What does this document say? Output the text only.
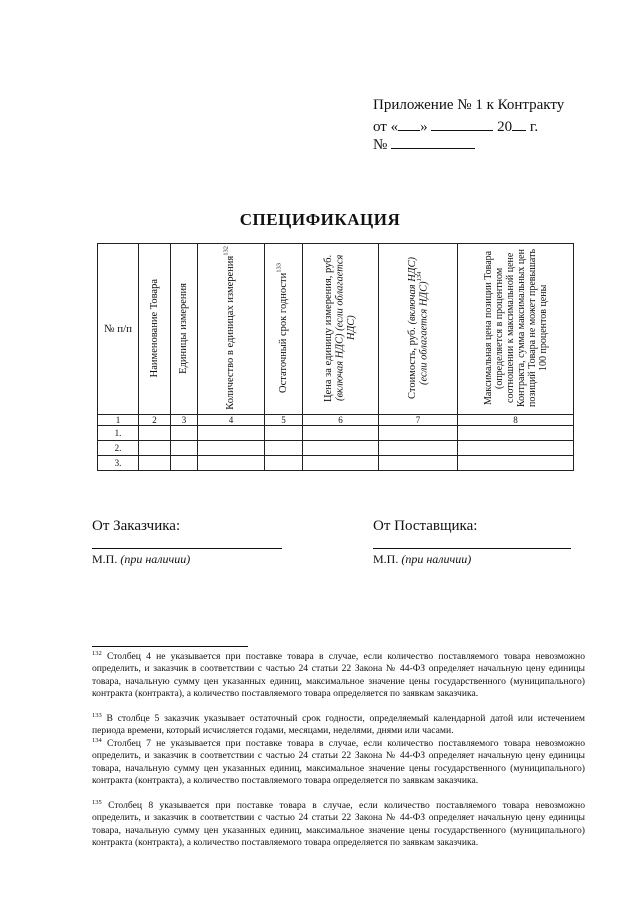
Приложение № 1 к Контракту
от « »	20 г.
№
СПЕЦИФИКАЦИЯ
№ п/п	Наименование Товара	Единицы измерения	Количество в единицах измерения$^{132}$	Остаточный срок годности$^{133}$	Цена за единицу измерения, руб. (включая НДС) (если облагается НДС)	Стоимость, руб. (включая НДС) (если облагается НДС)$^{134}$	Максимальная цена позиции Товара (определяется в процентном соотношении к максимальной цене Контракта, сумма максимальных цен позиций Товара не может превышать 100 процентов цены
1	2	3	4	5	6	7	8
1.							
2.							
3.							
От Заказчика:	От Поставщика:
М.П. (при наличии)	М.П. (при наличии)
$^{132}$ Столбец 4 не указывается при поставке товара в случае, если количество поставляемого товара невозможно определить, и заказчик в соответствии с частью 24 статьи 22 Закона № 44-ФЗ определяет начальную цену единицы товара, начальную сумму цен указанных единиц, максимальное значение цены государственного (муниципального) контракта (контракта), а количество поставляемого товара определяется по заявкам заказчика.
$^{133}$ В столбце 5 заказчик указывает остаточный срок годности, определяемый календарной датой или истечением периода времени, который исчисляется годами, месяцами, неделями, днями или часами.
$^{134}$ Столбец 7 не указывается при поставке товара в случае, если количество поставляемого товара невозможно определить, и заказчик в соответствии с частью 24 статьи 22 Закона № 44-ФЗ определяет начальную цену единицы товара, начальную сумму цен указанных единиц, максимальное значение цены государственного (муниципального) контракта (контракта), а количество поставляемого товара определяется по заявкам заказчика.
$^{135}$ Столбец 8 указывается при поставке товара в случае, если количество поставляемого товара невозможно определить, и заказчик в соответствии с частью 24 статьи 22 Закона № 44-ФЗ определяет начальную цену единицы товара, начальную сумму цен указанных единиц, максимальное значение цены государственного (муниципального) контракта (контракта), а количество поставляемого товара определяется по заявкам заказчика.
